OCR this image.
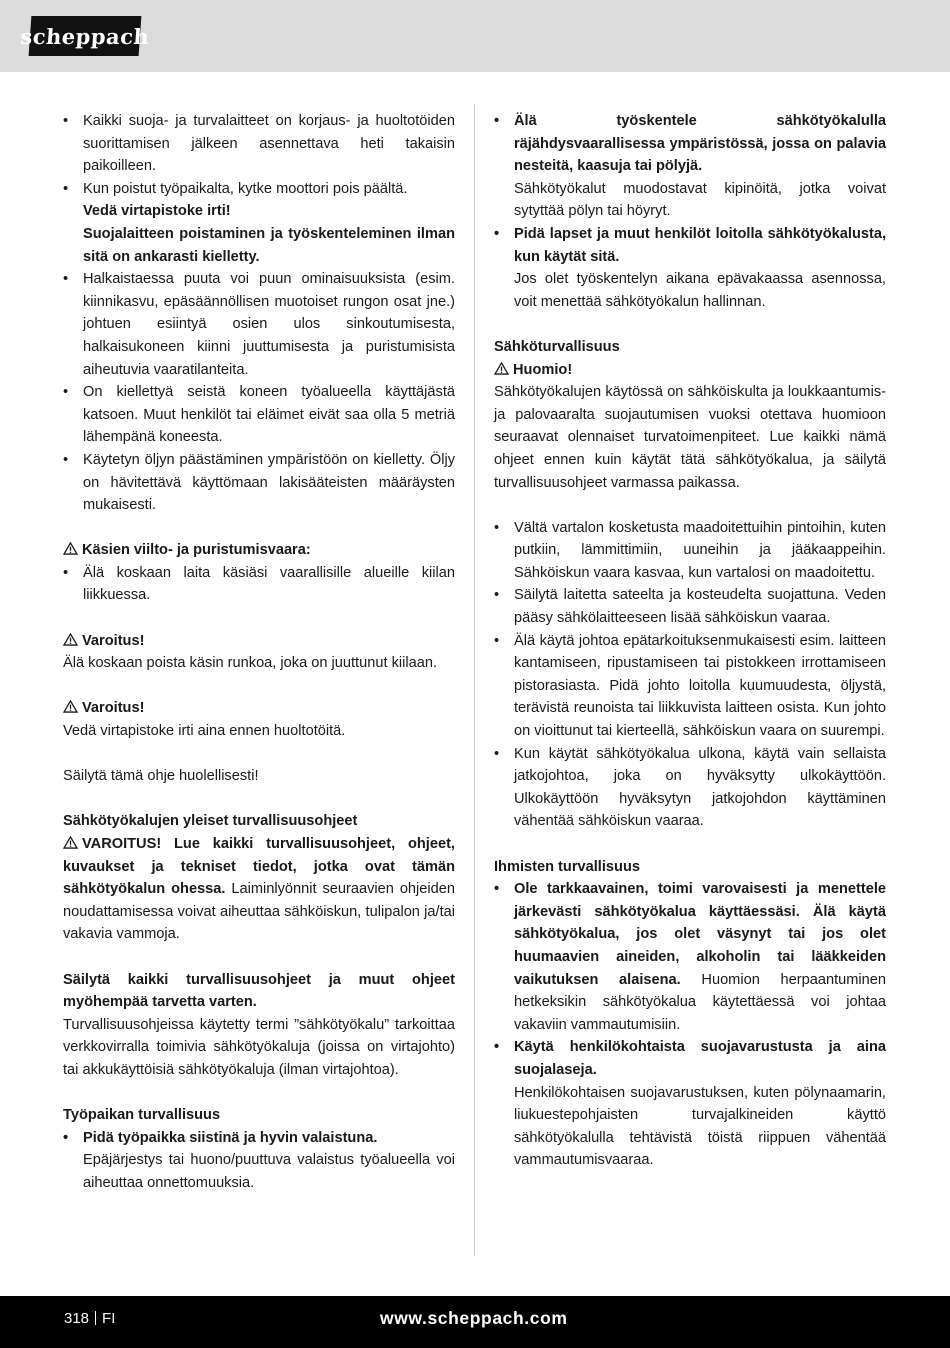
scheppach
•	Kaikki suoja- ja turvalaitteet on korjaus- ja huoltotöiden suorittamisen jälkeen asennettava heti takaisin paikoilleen.
•	Kun poistut työpaikalta, kytke moottori pois päältä.
Vedä virtapistoke irti!
Suojalaitteen poistaminen ja työskenteleminen ilman sitä on ankarasti kielletty.
•	Halkaistaessa puuta voi puun ominaisuuksista (esim. kiinnikasvu, epäsäännöllisen muotoiset rungon osat jne.) johtuen esiintyä osien ulos sinkoutumisesta, halkaisukoneen kiinni juuttumisesta ja puristumisista aiheutuvia vaaratilanteita.
•	On kiellettyä seistä koneen työalueella käyttäjästä katsoen. Muut henkilöt tai eläimet eivät saa olla 5 metriä lähempänä koneesta.
•	Käytetyn öljyn päästäminen ympäristöön on kielletty. Öljy on hävitettävä käyttömaan lakisääteisten määräysten mukaisesti.
Käsien viilto- ja puristumisvaara:
•	Älä koskaan laita käsiäsi vaarallisille alueille kiilan liikkuessa.
Varoitus!
Älä koskaan poista käsin runkoa, joka on juuttunut kiilaan.
Varoitus!
Vedä virtapistoke irti aina ennen huoltotöitä.
Säilytä tämä ohje huolellisesti!
Sähkötyökalujen yleiset turvallisuusohjeet
VAROITUS! Lue kaikki turvallisuusohjeet, ohjeet, kuvaukset ja tekniset tiedot, jotka ovat tämän sähkötyökalun ohessa. Laiminlyönnit seuraavien ohjeiden noudattamisessa voivat aiheuttaa sähköiskun, tulipalon ja/tai vakavia vammoja.
Säilytä kaikki turvallisuusohjeet ja muut ohjeet myöhempää tarvetta varten.
Turvallisuusohjeissa käytetty termi ”sähkötyökalu” tarkoittaa verkkovirralla toimivia sähkötyökaluja (joissa on virtajohto) tai akkukäyttöisiä sähkötyökaluja (ilman virtajohtoa).
Työpaikan turvallisuus
•	Pidä työpaikka siistinä ja hyvin valaistuna.
Epäjärjestys tai huono/puuttuva valaistus työalueella voi aiheuttaa onnettomuuksia.
•	Älä työskentele sähkötyökalulla räjähdysvaarallisessa ympäristössä, jossa on palavia nesteitä, kaasuja tai pölyjä.
Sähkötyökalut muodostavat kipinöitä, jotka voivat sytyttää pölyn tai höyryt.
•	Pidä lapset ja muut henkilöt loitolla sähkötyökalusta, kun käytät sitä.
Jos olet työskentelyn aikana epävakaassa asennossa, voit menettää sähkötyökalun hallinnan.
Sähköturvallisuus
Huomio!
Sähkötyökalujen käytössä on sähköiskulta ja loukkaantumis- ja palovaaralta suojautumisen vuoksi otettava huomioon seuraavat olennaiset turvatoimenpiteet. Lue kaikki nämä ohjeet ennen kuin käytät tätä sähkötyökalua, ja säilytä turvallisuusohjeet varmassa paikassa.
•	Vältä vartalon kosketusta maadoitettuihin pintoihin, kuten putkiin, lämmittimiin, uuneihin ja jääkaappeihin. Sähköiskun vaara kasvaa, kun vartalosi on maadoitettu.
•	Säilytä laitetta sateelta ja kosteudelta suojattuna. Veden pääsy sähkölaitteeseen lisää sähköiskun vaaraa.
•	Älä käytä johtoa epätarkoituksenmukaisesti esim. laitteen kantamiseen, ripustamiseen tai pistokkeen irrottamiseen pistorasiasta. Pidä johto loitolla kuumuudesta, öljystä, terävistä reunoista tai liikkuvista laitteen osista. Kun johto on vioittunut tai kierteellä, sähköiskun vaara on suurempi.
•	Kun käytät sähkötyökalua ulkona, käytä vain sellaista jatkojohtoa, joka on hyväksytty ulkokäyttöön. Ulkokäyttöön hyväksytyn jatkojohdon käyttäminen vähentää sähköiskun vaaraa.
Ihmisten turvallisuus
•	Ole tarkkaavainen, toimi varovaisesti ja menettele järkevästi sähkötyökalua käyttäessäsi. Älä käytä sähkötyökalua, jos olet väsynyt tai jos olet huumaavien aineiden, alkoholin tai lääkkeiden vaikutuksen alaisena. Huomion herpaantuminen hetkeksikin sähkötyökalua käytettäessä voi johtaa vakaviin vammautumisiin.
•	Käytä henkilökohtaista suojavarustusta ja aina suojalaseja.
Henkilökohtaisen suojavarustuksen, kuten pölynaamarin, liukuestepohjaisten turvajalkineiden käyttö sähkötyökalulla tehtävistä töistä riippuen vähentää vammautumisvaaraa.
318 FI	www.scheppach.com
